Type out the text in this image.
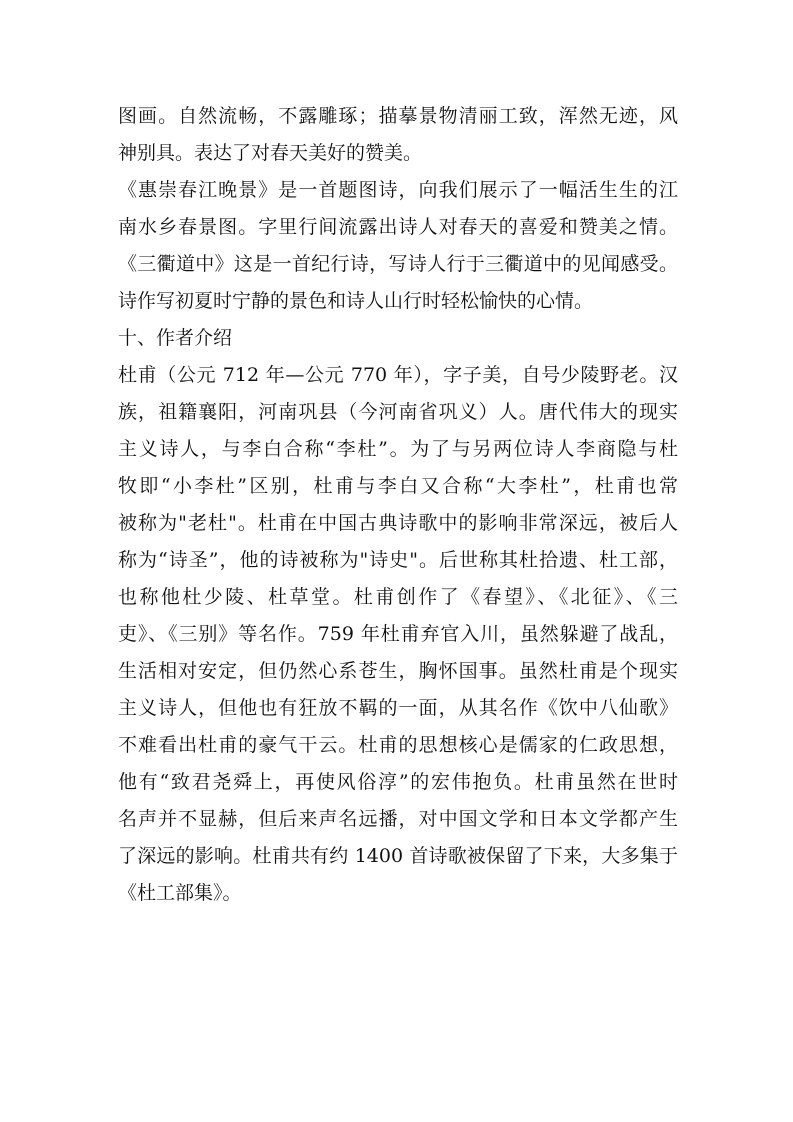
图画。自然流畅，不露雕琢；描摹景物清丽工致，浑然无迹，风

神别具。表达了对春天美好的赞美。

《惠崇春江晚景》是一首题图诗，向我们展示了一幅活生生的江

南水乡春景图。字里行间流露出诗人对春天的喜爱和赞美之情。

《三衢道中》这是一首纪行诗，写诗人行于三衢道中的见闻感受。

诗作写初夏时宁静的景色和诗人山行时轻松愉快的心情。

十、作者介绍

杜甫（公元 712 年—公元 770 年），字子美，自号少陵野老。汉

族，祖籍襄阳，河南巩县（今河南省巩义）人。唐代伟大的现实

主义诗人，与李白合称“李杜”。为了与另两位诗人李商隐与杜

牧即“小李杜”区别，杜甫与李白又合称“大李杜”，杜甫也常

被称为"老杜"。杜甫在中国古典诗歌中的影响非常深远，被后人

称为“诗圣”，他的诗被称为"诗史"。后世称其杜拾遗、杜工部，

也称他杜少陵、杜草堂。杜甫创作了《春望》、《北征》、《三

吏》、《三别》等名作。759 年杜甫弃官入川，虽然躲避了战乱，

生活相对安定，但仍然心系苍生，胸怀国事。虽然杜甫是个现实

主义诗人，但他也有狂放不羁的一面，从其名作《饮中八仙歌》

不难看出杜甫的豪气干云。杜甫的思想核心是儒家的仁政思想，

他有“致君尧舜上，再使风俗淳”的宏伟抱负。杜甫虽然在世时

名声并不显赫，但后来声名远播，对中国文学和日本文学都产生

了深远的影响。杜甫共有约 1400 首诗歌被保留了下来，大多集于

《杜工部集》。
